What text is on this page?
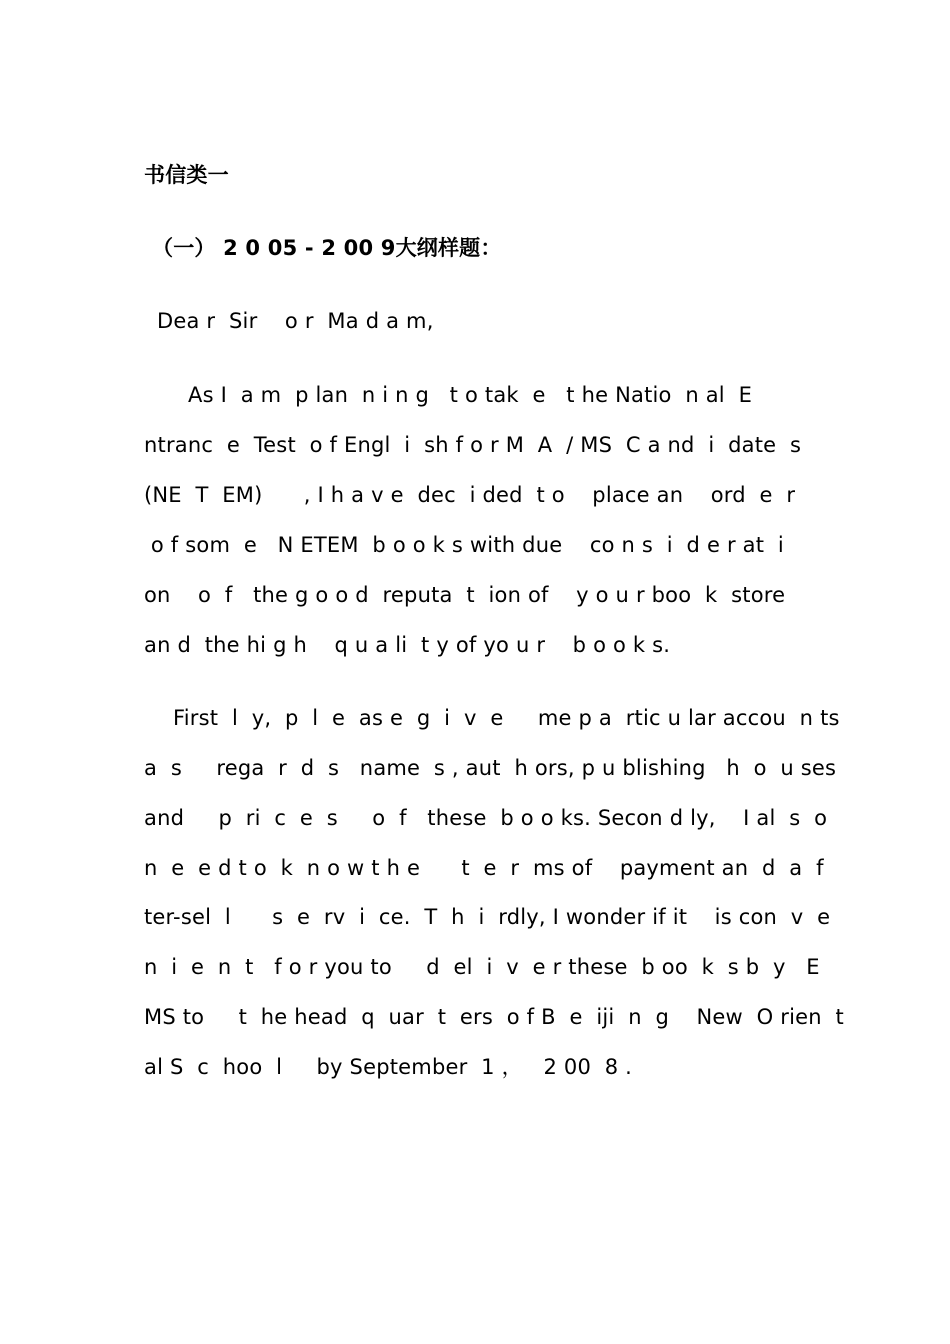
书信类一
（一） 2 0 05 - 2 00 9大纲样题：
Dea r  Sir    o r  Ma d a m,
As I  a m  p lan  n i n g   t o tak  e   t he Natio  n al  E
ntranc  e  Test  o f Engl  i  sh f o r M  A  / MS  C a nd  i  date  s
(NE  T  EM)      , I h a v e  dec  i ded  t o    place an    ord  e  r
o f som  e   N ETEM  b o o k s with due    co n s  i  d e r at  i
on    o  f   the g o o d  reputa  t  ion of    y o u r boo  k  store
an d  the hi g h    q u a li  t y of yo u r    b o o k s.
First  l  y,  p  l  e  as e  g  i  v  e     me p a  rtic u lar accou  n ts
a  s     rega  r  d  s   name  s , aut  h ors, p u blishing   h  o  u ses
and     p  ri  c  e  s     o  f   these  b o o ks. Secon d ly,    I al  s  o
n  e  e d t o  k  n o w t h e      t  e  r  ms of    payment an  d  a  f
ter-sel  l      s  e  rv  i  ce.  T  h  i  rdly, I wonder if it    is con  v  e
n  i  e  n  t   f o r you to     d  el  i  v  e r these  b oo  k  s b  y   E
MS to     t  he head  q  uar  t  ers  o f B  e  iji  n  g    New  O rien  t
al S  c  hoo  l     by September  1 ，   2 00  8 .
